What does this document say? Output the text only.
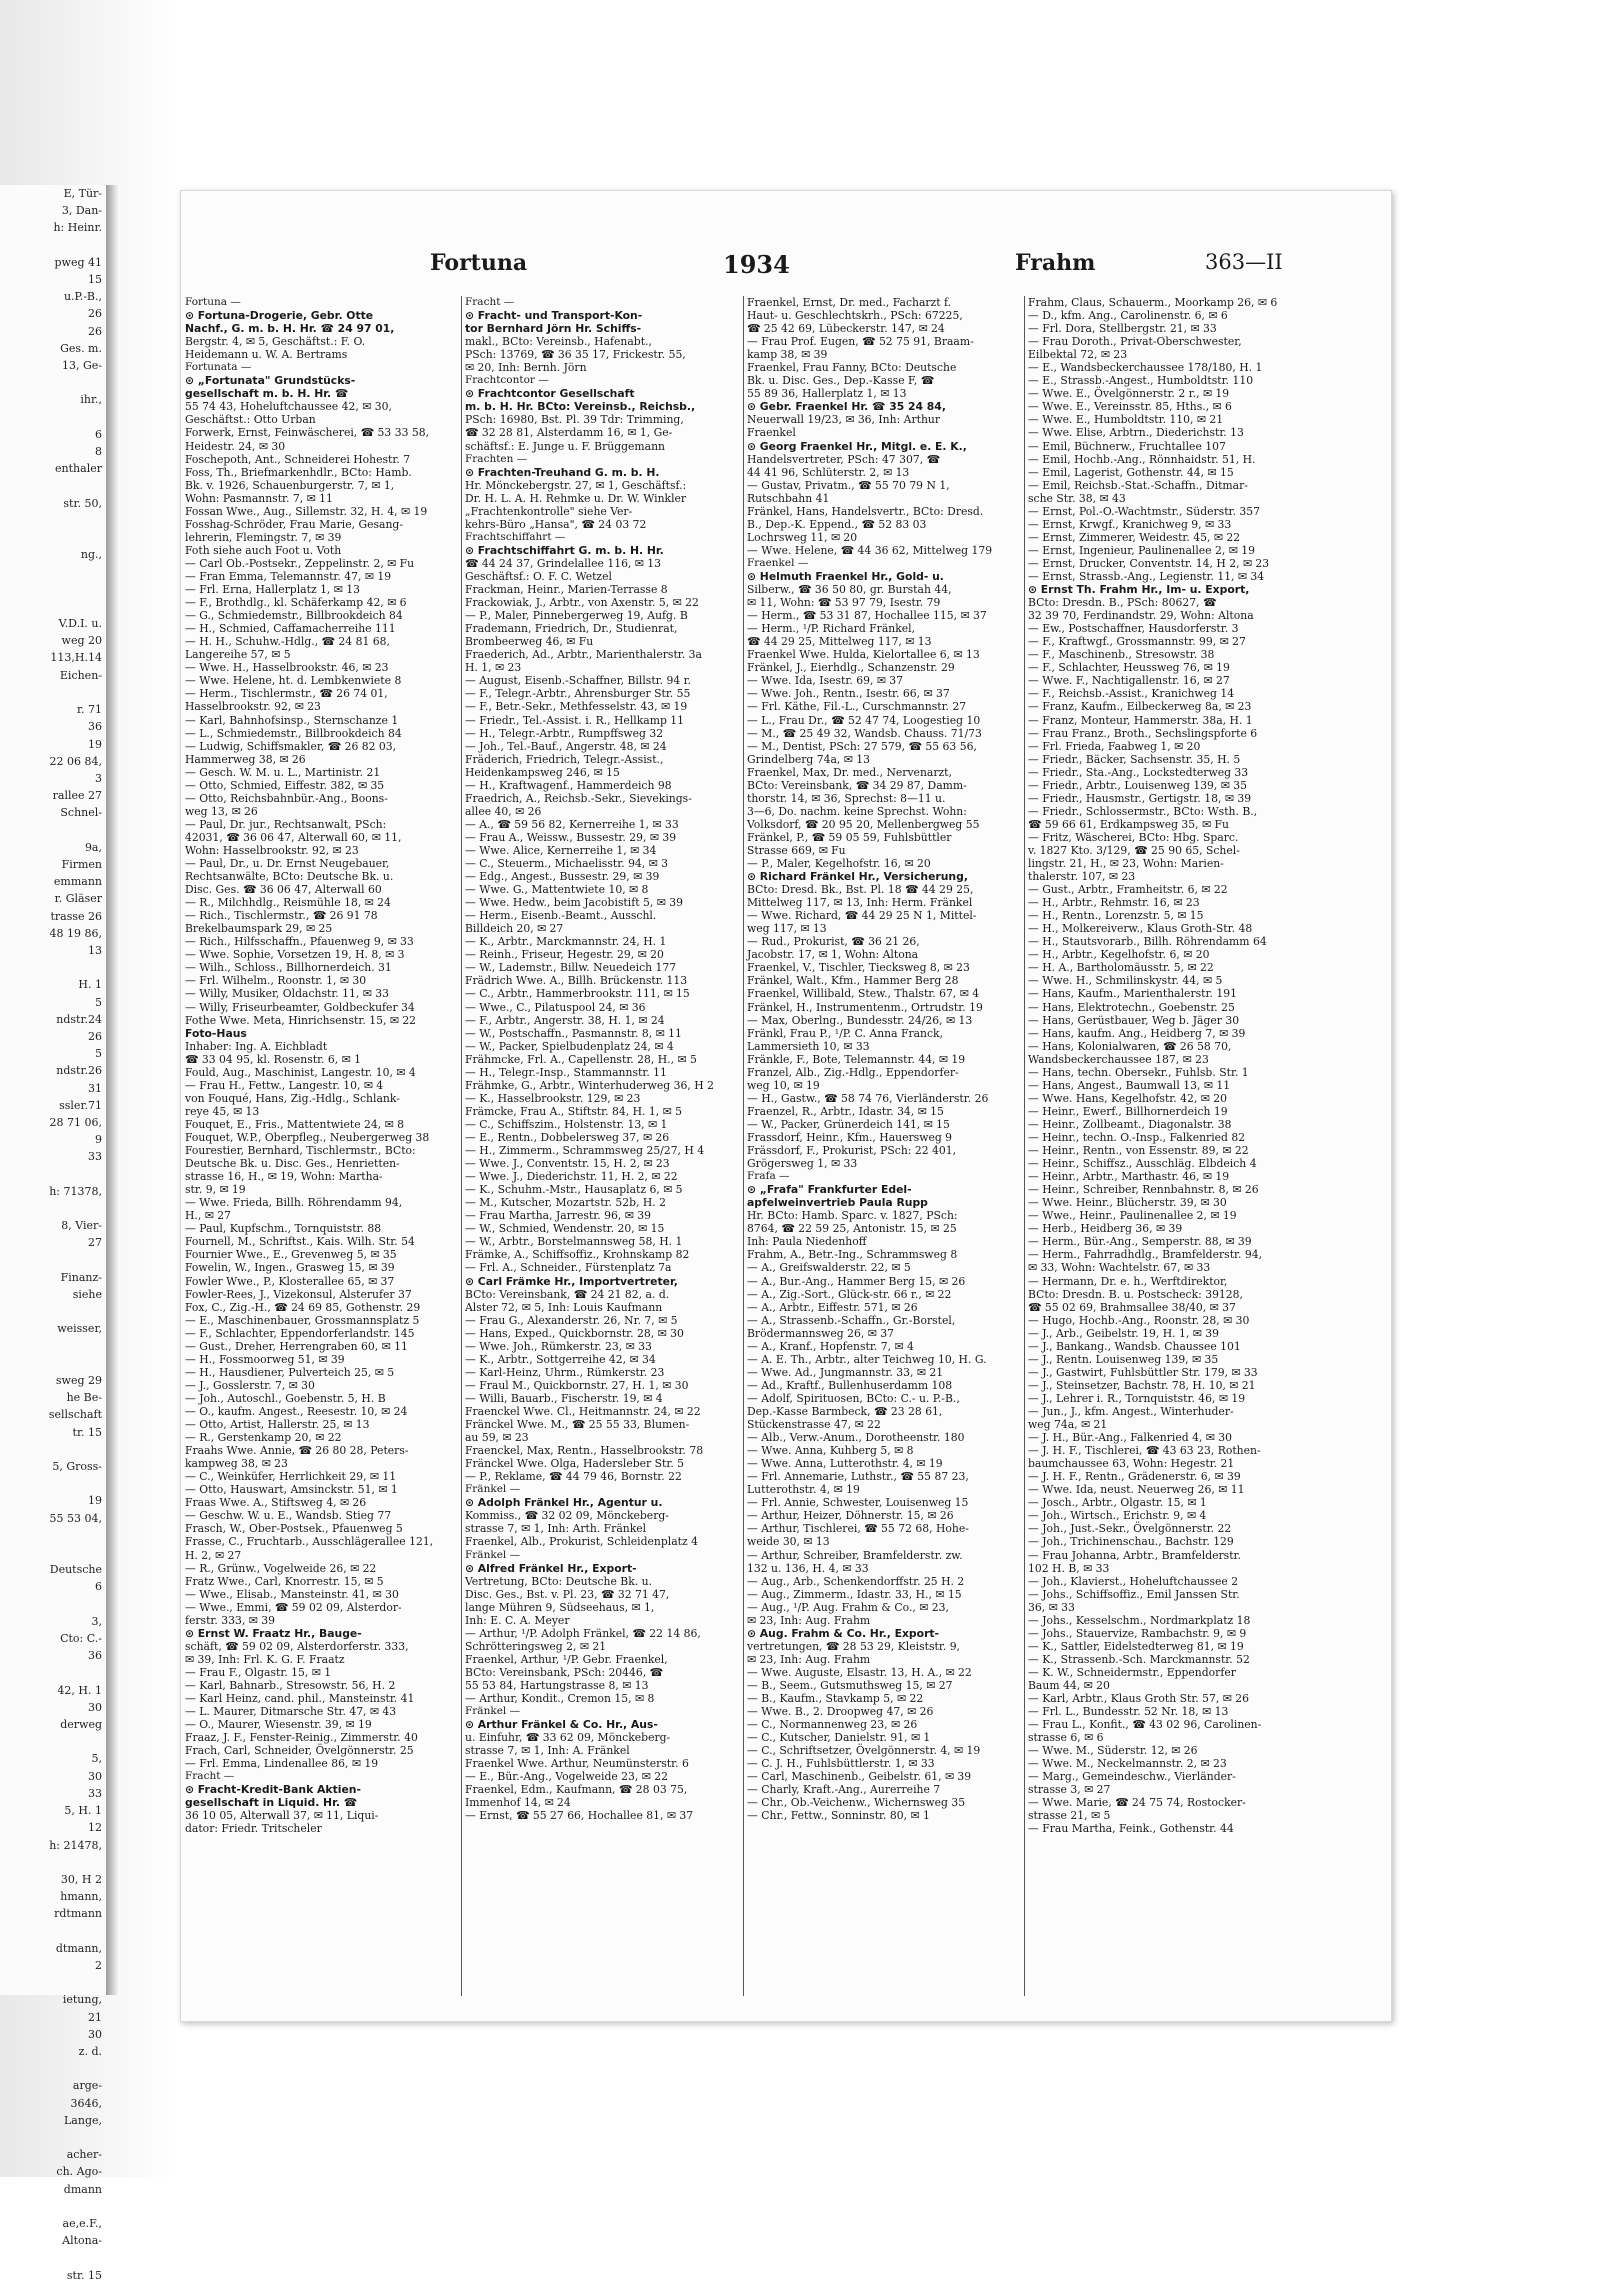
E, Tür-
3, Dan-
h: Heinr.

pweg 41
15
u.P.-B.,
26
26
Ges. m.
13, Ge-

ihr.,

6
8
enthaler

str. 50,

ng.,

V.D.I. u.
weg 20
113,H.14
Eichen-

r. 71
36
19
22 06 84,
3
rallee 27
Schnel-

9a,
Firmen
emmann
r. Gläser
trasse 26
48 19 86,
13

H. 1
5
ndstr.24
26
5
ndstr.26
31
ssler.71
28 71 06,
9
33

h: 71378,

8, Vier-
27

Finanz-
siehe

weisser,

sweg 29
he Be-
sellschaft
tr. 15

5, Gross-

19
55 53 04,

Deutsche
6

3,
Cto: C.-
36

42, H. 1
30
derweg

5,
30
33
5, H. 1
12
h: 21478,

30, H 2
hmann,
rdtmann

dtmann,
2

ietung,
21
30
z. d.

arge-
3646,
Lange,

acher-
ch. Ago-
dmann

ae,e.F.,
Altona-

str. 15
Fortuna	1934	Frahm	363—II
Fortuna —
⊙ Fortuna-Drogerie, Gebr. Otte
Nachf., G. m. b. H. Hr. ☎ 24 97 01,
Bergstr. 4, ✉ 5, Geschäftst.: F. O.
Heidemann u. W. A. Bertrams
Fortunata —
⊙ „Fortunata" Grundstücks-
gesellschaft m. b. H. Hr. ☎
55 74 43, Hoheluftchaussee 42, ✉ 30,
Geschäftst.: Otto Urban
Forwerk, Ernst, Feinwäscherei, ☎ 53 33 58,
Heidestr. 24, ✉ 30
Foschepoth, Ant., Schneiderei Hohestr. 7
Foss, Th., Briefmarkenhdlr., BCto: Hamb.
Bk. v. 1926, Schauenburgerstr. 7, ✉ 1,
Wohn: Pasmannstr. 7, ✉ 11
Fossan Wwe., Aug., Sillemstr. 32, H. 4, ✉ 19
Fosshag-Schröder, Frau Marie, Gesang-
lehrerin, Flemingstr. 7, ✉ 39
Foth siehe auch Foot u. Voth
— Carl Ob.-Postsekr., Zeppelinstr. 2, ✉ Fu
— Fran Emma, Telemannstr. 47, ✉ 19
— Frl. Erna, Hallerplatz 1, ✉ 13
— F., Brothdlg., kl. Schäferkamp 42, ✉ 6
— G., Schmiedemstr., Billbrookdeich 84
— H., Schmied, Caffamacherreihe 111
— H. H., Schuhw.-Hdlg., ☎ 24 81 68,
Langereihe 57, ✉ 5
— Wwe. H., Hasselbrookstr. 46, ✉ 23
— Wwe. Helene, ht. d. Lembkenwiete 8
— Herm., Tischlermstr., ☎ 26 74 01,
Hasselbrookstr. 92, ✉ 23
— Karl, Bahnhofsinsp., Sternschanze 1
— L., Schmiedemstr., Billbrookdeich 84
— Ludwig, Schiffsmakler, ☎ 26 82 03,
Hammerweg 38, ✉ 26
— Gesch. W. M. u. L., Martinistr. 21
— Otto, Schmied, Eiffestr. 382, ✉ 35
— Otto, Reichsbahnbür.-Ang., Boons-
weg 13, ✉ 26
— Paul, Dr. jur., Rechtsanwalt, PSch:
42031, ☎ 36 06 47, Alterwall 60, ✉ 11,
Wohn: Hasselbrookstr. 92, ✉ 23
— Paul, Dr., u. Dr. Ernst Neugebauer,
Rechtsanwälte, BCto: Deutsche Bk. u.
Disc. Ges. ☎ 36 06 47, Alterwall 60
— R., Milchhdlg., Reismühle 18, ✉ 24
— Rich., Tischlermstr., ☎ 26 91 78
Brekelbaumspark 29, ✉ 25
— Rich., Hilfsschaffn., Pfauenweg 9, ✉ 33
— Wwe. Sophie, Vorsetzen 19, H. 8, ✉ 3
— Wilh., Schloss., Billhornerdeich. 31
— Frl. Wilhelm., Roonstr. 1, ✉ 30
— Willy, Musiker, Oldachstr. 11, ✉ 33
— Willy, Friseurbeamter, Goldbeckufer 34
Fothe Wwe. Meta, Hinrichsenstr. 15, ✉ 22
Foto-Haus
Inhaber: Ing. A. Eichbladt
☎ 33 04 95, kl. Rosenstr. 6, ✉ 1
Fould, Aug., Maschinist, Langestr. 10, ✉ 4
— Frau H., Fettw., Langestr. 10, ✉ 4
von Fouqué, Hans, Zig.-Hdlg., Schlank-
reye 45, ✉ 13
Fouquet, E., Fris., Mattentwiete 24, ✉ 8
Fouquet, W.P., Oberpfleg., Neubergerweg 38
Fourestier, Bernhard, Tischlermstr., BCto:
Deutsche Bk. u. Disc. Ges., Henrietten-
strasse 16, H., ✉ 19, Wohn: Martha-
str. 9, ✉ 19
— Wwe. Frieda, Billh. Röhrendamm 94,
H., ✉ 27
— Paul, Kupfschm., Tornquiststr. 88
Fournell, M., Schriftst., Kais. Wilh. Str. 54
Fournier Wwe., E., Grevenweg 5, ✉ 35
Fowelin, W., Ingen., Grasweg 15, ✉ 39
Fowler Wwe., P., Klosterallee 65, ✉ 37
Fowler-Rees, J., Vizekonsul, Alsterufer 37
Fox, C., Zig.-H., ☎ 24 69 85, Gothenstr. 29
— E., Maschinenbauer, Grossmannsplatz 5
— F., Schlachter, Eppendorferlandstr. 145
— Gust., Dreher, Herrengraben 60, ✉ 11
— H., Fossmoorweg 51, ✉ 39
— H., Hausdiener, Pulverteich 25, ✉ 5
— J., Gosslerstr. 7, ✉ 30
— Joh., Autoschl., Goebenstr. 5, H. B
— O., kaufm. Angest., Reesestr. 10, ✉ 24
— Otto, Artist, Hallerstr. 25, ✉ 13
— R., Gerstenkamp 20, ✉ 22
Fraahs Wwe. Annie, ☎ 26 80 28, Peters-
kampweg 38, ✉ 23
— C., Weinküfer, Herrlichkeit 29, ✉ 11
— Otto, Hauswart, Amsinckstr. 51, ✉ 1
Fraas Wwe. A., Stiftsweg 4, ✉ 26
— Geschw. W. u. E., Wandsb. Stieg 77
Frasch, W., Ober-Postsek., Pfauenweg 5
Frasse, C., Fruchtarb., Ausschlägerallee 121,
H. 2, ✉ 27
— R., Grünw., Vogelweide 26, ✉ 22
Fratz Wwe., Carl, Knorrestr. 15, ✉ 5
— Wwe., Elisab., Mansteinstr. 41, ✉ 30
— Wwe., Emmi, ☎ 59 02 09, Alsterdor-
ferstr. 333, ✉ 39
⊙ Ernst W. Fraatz Hr., Bauge-
schäft, ☎ 59 02 09, Alsterdorferstr. 333,
✉ 39, Inh: Frl. K. G. F. Fraatz
— Frau F., Olgastr. 15, ✉ 1
— Karl, Bahnarb., Stresowstr. 56, H. 2
— Karl Heinz, cand. phil., Mansteinstr. 41
— L. Maurer, Ditmarsche Str. 47, ✉ 43
— O., Maurer, Wiesenstr. 39, ✉ 19
Fraaz, J. F., Fenster-Reinig., Zimmerstr. 40
Frach, Carl, Schneider, Övelgönnerstr. 25
— Frl. Emma, Lindenallee 86, ✉ 19
Fracht —
⊙ Fracht-Kredit-Bank Aktien-
gesellschaft in Liquid. Hr. ☎
36 10 05, Alterwall 37, ✉ 11, Liqui-
dator: Friedr. Tritscheler
Fracht —
⊙ Fracht- und Transport-Kon-
tor Bernhard Jörn Hr. Schiffs-
makl., BCto: Vereinsb., Hafenabt.,
PSch: 13769, ☎ 36 35 17, Frickestr. 55,
✉ 20, Inh: Bernh. Jörn
Frachtcontor —
⊙ Frachtcontor Gesellschaft
m. b. H. Hr. BCto: Vereinsb., Reichsb.,
PSch: 16980, Bst. Pl. 39 Tdr: Trimming,
☎ 32 28 81, Alsterdamm 16, ✉ 1, Ge-
schäftsf.: E. Junge u. F. Brüggemann
Frachten —
⊙ Frachten-Treuhand G. m. b. H.
Hr. Mönckebergstr. 27, ✉ 1, Geschäftsf.:
Dr. H. L. A. H. Rehmke u. Dr. W. Winkler
„Frachtenkontrolle" siehe Ver-
kehrs-Büro „Hansa", ☎ 24 03 72
Frachtschiffahrt —
⊙ Frachtschiffahrt G. m. b. H. Hr.
☎ 44 24 37, Grindelallee 116, ✉ 13
Geschäftsf.: O. F. C. Wetzel
Frackman, Heinr., Marien-Terrasse 8
Frackowiak, J., Arbtr., von Axenstr. 5, ✉ 22
— P., Maler, Pinnebergerweg 19, Aufg. B
Frademann, Friedrich, Dr., Studienrat,
Brombeerweg 46, ✉ Fu
Fraederich, Ad., Arbtr., Marienthalerstr. 3a
H. 1, ✉ 23
— August, Eisenb.-Schaffner, Billstr. 94 r.
— F., Telegr.-Arbtr., Ahrensburger Str. 55
— F., Betr.-Sekr., Methfesselstr. 43, ✉ 19
— Friedr., Tel.-Assist. i. R., Hellkamp 11
— H., Telegr.-Arbtr., Rumpffsweg 32
— Joh., Tel.-Bauf., Angerstr. 48, ✉ 24
Fräderich, Friedrich, Telegr.-Assist.,
Heidenkampsweg 246, ✉ 15
— H., Kraftwagenf., Hammerdeich 98
Fraedrich, A., Reichsb.-Sekr., Sievekings-
allee 40, ✉ 26
— A., ☎ 59 56 82, Kernerreihe 1, ✉ 33
— Frau A., Weissw., Bussestr. 29, ✉ 39
— Wwe. Alice, Kernerreihe 1, ✉ 34
— C., Steuerm., Michaelisstr. 94, ✉ 3
— Edg., Angest., Bussestr. 29, ✉ 39
— Wwe. G., Mattentwiete 10, ✉ 8
— Wwe. Hedw., beim Jacobistift 5, ✉ 39
— Herm., Eisenb.-Beamt., Ausschl.
Billdeich 20, ✉ 27
— K., Arbtr., Marckmannstr. 24, H. 1
— Reinh., Friseur, Hegestr. 29, ✉ 20
— W., Lademstr., Billw. Neuedeich 177
Frädrich Wwe. A., Billh. Brückenstr. 113
— C., Arbtr., Hammerbrookstr. 111, ✉ 15
— Wwe., C., Pilatuspool 24, ✉ 36
— F., Arbtr., Angerstr. 38, H. 1, ✉ 24
— W., Postschaffn., Pasmannstr. 8, ✉ 11
— W., Packer, Spielbudenplatz 24, ✉ 4
Frähmcke, Frl. A., Capellenstr. 28, H., ✉ 5
— H., Telegr.-Insp., Stammannstr. 11
Frähmke, G., Arbtr., Winterhuderweg 36, H 2
— K., Hasselbrookstr. 129, ✉ 23
Främcke, Frau A., Stiftstr. 84, H. 1, ✉ 5
— C., Schiffszim., Holstenstr. 13, ✉ 1
— E., Rentn., Dobbelersweg 37, ✉ 26
— H., Zimmerm., Schrammsweg 25/27, H 4
— Wwe. J., Conventstr. 15, H. 2, ✉ 23
— Wwe. J., Diederichstr. 11, H. 2, ✉ 22
— K., Schuhm.-Mstr., Hausaplatz 6, ✉ 5
— M., Kutscher, Mozartstr. 52b, H. 2
— Frau Martha, Jarrestr. 96, ✉ 39
— W., Schmied, Wendenstr. 20, ✉ 15
— W., Arbtr., Borstelmannsweg 58, H. 1
Främke, A., Schiffsoffiz., Krohnskamp 82
— Frl. A., Schneider., Fürstenplatz 7a
⊙ Carl Främke Hr., Importvertreter,
BCto: Vereinsbank, ☎ 24 21 82, a. d.
Alster 72, ✉ 5, Inh: Louis Kaufmann
— Frau G., Alexanderstr. 26, Nr. 7, ✉ 5
— Hans, Exped., Quickbornstr. 28, ✉ 30
— Wwe. Joh., Rümkerstr. 23, ✉ 33
— K., Arbtr., Sottgerreihe 42, ✉ 34
— Karl-Heinz, Uhrm., Rümkerstr. 23
— Fraul M., Quickbornstr. 27, H. 1, ✉ 30
— Willi, Bauarb., Fischerstr. 19, ✉ 4
Fraenckel Wwe. Cl., Heitmannstr. 24, ✉ 22
Fränckel Wwe. M., ☎ 25 55 33, Blumen-
au 59, ✉ 23
Fraenckel, Max, Rentn., Hasselbrookstr. 78
Fränckel Wwe. Olga, Hadersleber Str. 5
— P., Reklame, ☎ 44 79 46, Bornstr. 22
Fränkel —
⊙ Adolph Fränkel Hr., Agentur u.
Kommiss., ☎ 32 02 09, Mönckeberg-
strasse 7, ✉ 1, Inh: Arth. Fränkel
Fraenkel, Alb., Prokurist, Schleidenplatz 4
Fränkel —
⊙ Alfred Fränkel Hr., Export-
Vertretung, BCto: Deutsche Bk. u.
Disc. Ges., Bst. v. Pl. 23, ☎ 32 71 47,
lange Mühren 9, Südseehaus, ✉ 1,
Inh: E. C. A. Meyer
— Arthur, ¹/P. Adolph Fränkel, ☎ 22 14 86,
Schrötteringsweg 2, ✉ 21
Fraenkel, Arthur, ¹/P. Gebr. Fraenkel,
BCto: Vereinsbank, PSch: 20446, ☎
55 53 84, Hartungstrasse 8, ✉ 13
— Arthur, Kondit., Cremon 15, ✉ 8
Fränkel —
⊙ Arthur Fränkel & Co. Hr., Aus-
u. Einfuhr, ☎ 33 62 09, Mönckeberg-
strasse 7, ✉ 1, Inh: A. Fränkel
Fraenkel Wwe. Arthur, Neumünsterstr. 6
— E., Bür.-Ang., Vogelweide 23, ✉ 22
Fraenkel, Edm., Kaufmann, ☎ 28 03 75,
Immenhof 14, ✉ 24
— Ernst, ☎ 55 27 66, Hochallee 81, ✉ 37
Fraenkel, Ernst, Dr. med., Facharzt f.
Haut- u. Geschlechtskrh., PSch: 67225,
☎ 25 42 69, Lübeckerstr. 147, ✉ 24
— Frau Prof. Eugen, ☎ 52 75 91, Braam-
kamp 38, ✉ 39
Fraenkel, Frau Fanny, BCto: Deutsche
Bk. u. Disc. Ges., Dep.-Kasse F, ☎
55 89 36, Hallerplatz 1, ✉ 13
⊙ Gebr. Fraenkel Hr. ☎ 35 24 84,
Neuerwall 19/23, ✉ 36, Inh: Arthur
Fraenkel
⊙ Georg Fraenkel Hr., Mitgl. e. E. K.,
Handelsvertreter, PSch: 47 307, ☎
44 41 96, Schlüterstr. 2, ✉ 13
— Gustav, Privatm., ☎ 55 70 79 N 1,
Rutschbahn 41
Fränkel, Hans, Handelsvertr., BCto: Dresd.
B., Dep.-K. Eppend., ☎ 52 83 03
Lochrsweg 11, ✉ 20
— Wwe. Helene, ☎ 44 36 62, Mittelweg 179
Fraenkel —
⊙ Helmuth Fraenkel Hr., Gold- u.
Silberw., ☎ 36 50 80, gr. Burstah 44,
✉ 11, Wohn: ☎ 53 97 79, Isestr. 79
— Herm., ☎ 53 31 87, Hochallee 115, ✉ 37
— Herm., ¹/P. Richard Fränkel,
☎ 44 29 25, Mittelweg 117, ✉ 13
Fraenkel Wwe. Hulda, Kielortallee 6, ✉ 13
Fränkel, J., Eierhdlg., Schanzenstr. 29
— Wwe. Ida, Isestr. 69, ✉ 37
— Wwe. Joh., Rentn., Isestr. 66, ✉ 37
— Frl. Käthe, Fil.-L., Curschmannstr. 27
— L., Frau Dr., ☎ 52 47 74, Loogestieg 10
— M., ☎ 25 49 32, Wandsb. Chauss. 71/73
— M., Dentist, PSch: 27 579, ☎ 55 63 56,
Grindelberg 74a, ✉ 13
Fraenkel, Max, Dr. med., Nervenarzt,
BCto: Vereinsbank, ☎ 34 29 87, Damm-
thorstr. 14, ✉ 36, Sprechst: 8—11 u.
3—6, Do. nachm. keine Sprechst. Wohn:
Volksdorf, ☎ 20 95 20, Mellenbergweg 55
Fränkel, P., ☎ 59 05 59, Fuhlsbüttler
Strasse 669, ✉ Fu
— P., Maler, Kegelhofstr. 16, ✉ 20
⊙ Richard Fränkel Hr., Versicherung,
BCto: Dresd. Bk., Bst. Pl. 18 ☎ 44 29 25,
Mittelweg 117, ✉ 13, Inh: Herm. Fränkel
— Wwe. Richard, ☎ 44 29 25 N 1, Mittel-
weg 117, ✉ 13
— Rud., Prokurist, ☎ 36 21 26,
Jacobstr. 17, ✉ 1, Wohn: Altona
Fraenkel, V., Tischler, Tiecksweg 8, ✉ 23
Fränkel, Walt., Kfm., Hammer Berg 28
Fraenkel, Willibald, Stew., Thalstr. 67, ✉ 4
Fränkel, H., Instrumentenm., Ortrudstr. 19
— Max, Oberlng., Bundesstr. 24/26, ✉ 13
Fränkl, Frau P., ¹/P. C. Anna Franck,
Lammersieth 10, ✉ 33
Fränkle, F., Bote, Telemannstr. 44, ✉ 19
Franzel, Alb., Zig.-Hdlg., Eppendorfer-
weg 10, ✉ 19
— H., Gastw., ☎ 58 74 76, Vierländerstr. 26
Fraenzel, R., Arbtr., Idastr. 34, ✉ 15
— W., Packer, Grünerdeich 141, ✉ 15
Frassdorf, Heinr., Kfm., Hauersweg 9
Frässdorf, F., Prokurist, PSch: 22 401,
Grögersweg 1, ✉ 33
Frafa —
⊙ „Frafa" Frankfurter Edel-
apfelweinvertrieb Paula Rupp
Hr. BCto: Hamb. Sparc. v. 1827, PSch:
8764, ☎ 22 59 25, Antonistr. 15, ✉ 25
Inh: Paula Niedenhoff
Frahm, A., Betr.-Ing., Schrammsweg 8
— A., Greifswalderstr. 22, ✉ 5
— A., Bur.-Ang., Hammer Berg 15, ✉ 26
— A., Zig.-Sort., Glück-str. 66 r., ✉ 22
— A., Arbtr., Eiffestr. 571, ✉ 26
— A., Strassenb.-Schaffn., Gr.-Borstel,
Brödermannsweg 26, ✉ 37
— A., Kranf., Hopfenstr. 7, ✉ 4
— A. E. Th., Arbtr., alter Teichweg 10, H. G.
— Wwe. Ad., Jungmannstr. 33, ✉ 21
— Ad., Kraftf., Bullenhuserdamm 108
— Adolf, Spirituosen, BCto: C.- u. P.-B.,
Dep.-Kasse Barmbeck, ☎ 23 28 61,
Stückenstrasse 47, ✉ 22
— Alb., Verw.-Anum., Dorotheenstr. 180
— Wwe. Anna, Kuhberg 5, ✉ 8
— Wwe. Anna, Lutterothstr. 4, ✉ 19
— Frl. Annemarie, Luthstr., ☎ 55 87 23,
Lutterothstr. 4, ✉ 19
— Frl. Annie, Schwester, Louisenweg 15
— Arthur, Heizer, Döhnerstr. 15, ✉ 26
— Arthur, Tischlerei, ☎ 55 72 68, Hohe-
weide 30, ✉ 13
— Arthur, Schreiber, Bramfelderstr. zw.
132 u. 136, H. 4, ✉ 33
— Aug., Arb., Schenkendorffstr. 25 H. 2
— Aug., Zimmerm., Idastr. 33, H., ✉ 15
— Aug., ¹/P. Aug. Frahm & Co., ✉ 23,
✉ 23, Inh: Aug. Frahm
⊙ Aug. Frahm & Co. Hr., Export-
vertretungen, ☎ 28 53 29, Kleiststr. 9,
✉ 23, Inh: Aug. Frahm
— Wwe. Auguste, Elsastr. 13, H. A., ✉ 22
— B., Seem., Gutsmuthsweg 15, ✉ 27
— B., Kaufm., Stavkamp 5, ✉ 22
— Wwe. B., 2. Droopweg 47, ✉ 26
— C., Normannenweg 23, ✉ 26
— C., Kutscher, Danielstr. 91, ✉ 1
— C., Schriftsetzer, Övelgönnerstr. 4, ✉ 19
— C. J. H., Fuhlsbüttlerstr. 1, ✉ 33
— Carl, Maschinenb., Geibelstr. 61, ✉ 39
— Charly, Kraft.-Ang., Aurerreihe 7
— Chr., Ob.-Veichenw., Wichernsweg 35
— Chr., Fettw., Sonninstr. 80, ✉ 1
Frahm, Claus, Schauerm., Moorkamp 26, ✉ 6
— D., kfm. Ang., Carolinenstr. 6, ✉ 6
— Frl. Dora, Stellbergstr. 21, ✉ 33
— Frau Doroth., Privat-Oberschwester,
Eilbektal 72, ✉ 23
— E., Wandsbeckerchaussee 178/180, H. 1
— E., Strassb.-Angest., Humboldtstr. 110
— Wwe. E., Övelgönnerstr. 2 r., ✉ 19
— Wwe. E., Vereinsstr. 85, Hths., ✉ 6
— Wwe. E., Humboldtstr. 110, ✉ 21
— Wwe. Elise, Arbtrn., Diederichstr. 13
— Emil, Büchnerw., Fruchtallee 107
— Emil, Hochb.-Ang., Rönnhaidstr. 51, H.
— Emil, Lagerist, Gothenstr. 44, ✉ 15
— Emil, Reichsb.-Stat.-Schaffn., Ditmar-
sche Str. 38, ✉ 43
— Ernst, Pol.-O.-Wachtmstr., Süderstr. 357
— Ernst, Krwgf., Kranichweg 9, ✉ 33
— Ernst, Zimmerer, Weidestr. 45, ✉ 22
— Ernst, Ingenieur, Paulinenallee 2, ✉ 19
— Ernst, Drucker, Conventstr. 14, H 2, ✉ 23
— Ernst, Strassb.-Ang., Legienstr. 11, ✉ 34
⊙ Ernst Th. Frahm Hr., Im- u. Export,
BCto: Dresdn. B., PSch: 80627, ☎
32 39 70, Ferdinandstr. 29, Wohn: Altona
— Ew., Postschaffner, Hausdorferstr. 3
— F., Kraftwgf., Grossmannstr. 99, ✉ 27
— F., Maschinenb., Stresowstr. 38
— F., Schlachter, Heussweg 76, ✉ 19
— Wwe. F., Nachtigallenstr. 16, ✉ 27
— F., Reichsb.-Assist., Kranichweg 14
— Franz, Kaufm., Eilbeckerweg 8a, ✉ 23
— Franz, Monteur, Hammerstr. 38a, H. 1
— Frau Franz., Broth., Sechslingspforte 6
— Frl. Frieda, Faabweg 1, ✉ 20
— Friedr., Bäcker, Sachsenstr. 35, H. 5
— Friedr., Sta.-Ang., Lockstedterweg 33
— Friedr., Arbtr., Louisenweg 139, ✉ 35
— Friedr., Hausmstr., Gertigstr. 18, ✉ 39
— Friedr., Schlossermstr., BCto: Wsth. B.,
☎ 59 66 61, Erdkampsweg 35, ✉ Fu
— Fritz, Wäscherei, BCto: Hbg. Sparc.
v. 1827 Kto. 3/129, ☎ 25 90 65, Schel-
lingstr. 21, H., ✉ 23, Wohn: Marien-
thalerstr. 107, ✉ 23
— Gust., Arbtr., Framheitstr. 6, ✉ 22
— H., Arbtr., Rehmstr. 16, ✉ 23
— H., Rentn., Lorenzstr. 5, ✉ 15
— H., Molkereiverw., Klaus Groth-Str. 48
— H., Stautsvorarb., Billh. Röhrendamm 64
— H., Arbtr., Kegelhofstr. 6, ✉ 20
— H. A., Bartholomäusstr. 5, ✉ 22
— Wwe. H., Schmilinskystr. 44, ✉ 5
— Hans, Kaufm., Marienthalerstr. 191
— Hans, Elektrotechn., Goebenstr. 25
— Hans, Gerüstbauer, Weg b. Jäger 30
— Hans, kaufm. Ang., Heidberg 7, ✉ 39
— Hans, Kolonialwaren, ☎ 26 58 70,
Wandsbeckerchaussee 187, ✉ 23
— Hans, techn. Obersekr., Fuhlsb. Str. 1
— Hans, Angest., Baumwall 13, ✉ 11
— Wwe. Hans, Kegelhofstr. 42, ✉ 20
— Heinr., Ewerf., Billhornerdeich 19
— Heinr., Zollbeamt., Diagonalstr. 38
— Heinr., techn. O.-Insp., Falkenried 82
— Heinr., Rentn., von Essenstr. 89, ✉ 22
— Heinr., Schiffsz., Ausschläg. Elbdeich 4
— Heinr., Arbtr., Marthastr. 46, ✉ 19
— Heinr., Schreiber, Rennbahnstr. 8, ✉ 26
— Wwe. Heinr., Blücherstr. 39, ✉ 30
— Wwe., Heinr., Paulinenallee 2, ✉ 19
— Herb., Heidberg 36, ✉ 39
— Herm., Bür.-Ang., Semperstr. 88, ✉ 39
— Herm., Fahrradhdlg., Bramfelderstr. 94,
✉ 33, Wohn: Wachtelstr. 67, ✉ 33
— Hermann, Dr. e. h., Werftdirektor,
BCto: Dresdn. B. u. Postscheck: 39128,
☎ 55 02 69, Brahmsallee 38/40, ✉ 37
— Hugo, Hochb.-Ang., Roonstr. 28, ✉ 30
— J., Arb., Geibelstr. 19, H. 1, ✉ 39
— J., Bankang., Wandsb. Chaussee 101
— J., Rentn. Louisenweg 139, ✉ 35
— J., Gastwirt, Fuhlsbüttler Str. 179, ✉ 33
— J., Steinsetzer, Bachstr. 78, H. 10, ✉ 21
— J., Lehrer i. R., Tornquiststr. 46, ✉ 19
— Jun., J., kfm. Angest., Winterhuder-
weg 74a, ✉ 21
— J. H., Bür.-Ang., Falkenried 4, ✉ 30
— J. H. F., Tischlerei, ☎ 43 63 23, Rothen-
baumchaussee 63, Wohn: Hegestr. 21
— J. H. F., Rentn., Grädenerstr. 6, ✉ 39
— Wwe. Ida, neust. Neuerweg 26, ✉ 11
— Josch., Arbtr., Olgastr. 15, ✉ 1
— Joh., Wirtsch., Erichstr. 9, ✉ 4
— Joh., Just.-Sekr., Övelgönnerstr. 22
— Joh., Trichinenschau., Bachstr. 129
— Frau Johanna, Arbtr., Bramfelderstr.
102 H. B, ✉ 33
— Joh., Klavierst., Hoheluftchaussee 2
— Johs., Schiffsoffiz., Emil Janssen Str.
36, ✉ 33
— Johs., Kesselschm., Nordmarkplatz 18
— Johs., Stauervize, Rambachstr. 9, ✉ 9
— K., Sattler, Eidelstedterweg 81, ✉ 19
— K., Strassenb.-Sch. Marckmannstr. 52
— K. W., Schneidermstr., Eppendorfer
Baum 44, ✉ 20
— Karl, Arbtr., Klaus Groth Str. 57, ✉ 26
— Frl. L., Bundesstr. 52 Nr. 18, ✉ 13
— Frau L., Konfit., ☎ 43 02 96, Carolinen-
strasse 6, ✉ 6
— Wwe. M., Süderstr. 12, ✉ 26
— Wwe. M., Neckelmannstr. 2, ✉ 23
— Marg., Gemeindeschw., Vierländer-
strasse 3, ✉ 27
— Wwe. Marie, ☎ 24 75 74, Rostocker-
strasse 21, ✉ 5
— Frau Martha, Feink., Gothenstr. 44
